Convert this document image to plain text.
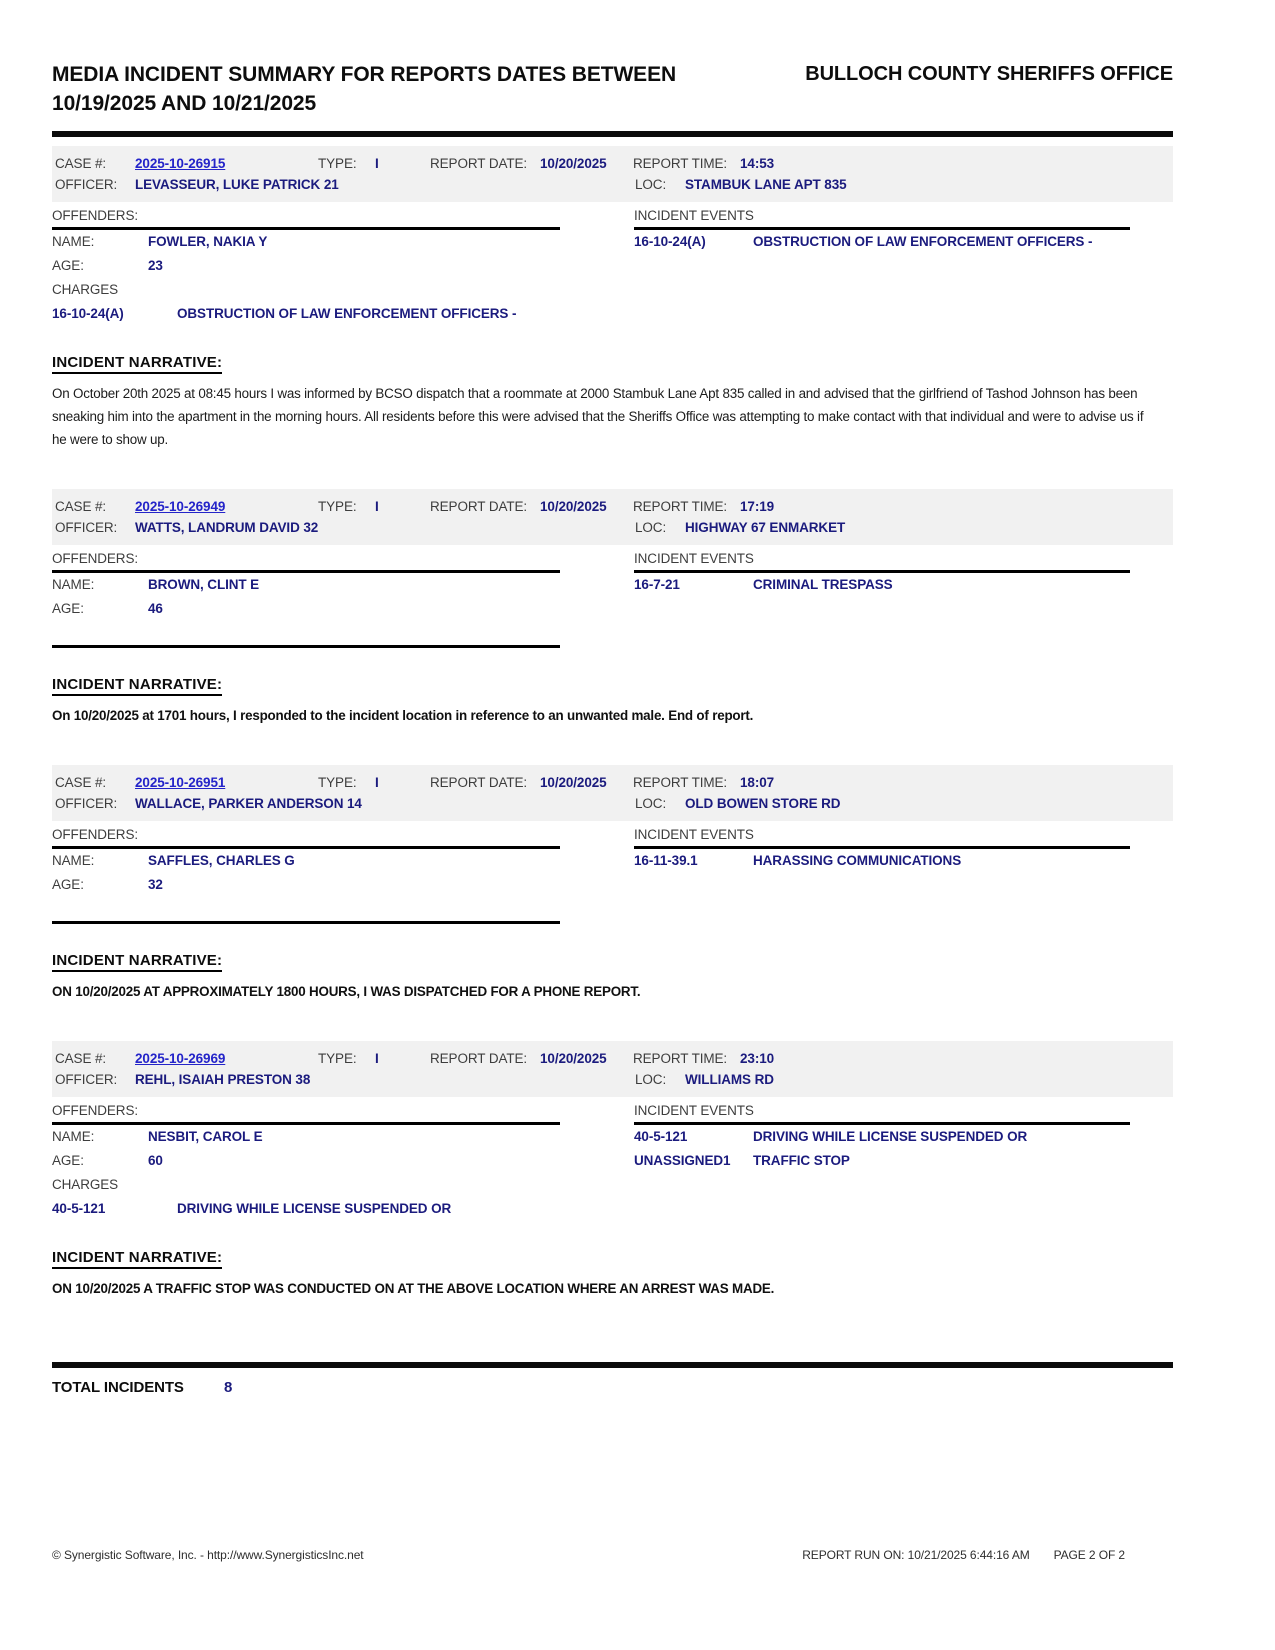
MEDIA INCIDENT SUMMARY FOR REPORTS DATES BETWEEN 10/19/2025 AND 10/21/2025
BULLOCH COUNTY SHERIFFS OFFICE
CASE #:	2025-10-26915	TYPE:	I	REPORT DATE: 10/20/2025	REPORT TIME: 14:53
OFFICER:	LEVASSEUR, LUKE PATRICK 21	LOC:	STAMBUK LANE APT 835
OFFENDERS:
NAME:	FOWLER, NAKIA Y
AGE:	23
CHARGES
16-10-24(A)	OBSTRUCTION OF LAW ENFORCEMENT OFFICERS -
INCIDENT EVENTS
16-10-24(A)	OBSTRUCTION OF LAW ENFORCEMENT OFFICERS -
INCIDENT NARRATIVE:

On October 20th 2025 at 08:45 hours I was informed by BCSO dispatch that a roommate at 2000 Stambuk Lane Apt 835 called in and advised that the girlfriend of Tashod Johnson has been sneaking him into the apartment in the morning hours. All residents before this were advised that the Sheriffs Office was attempting to make contact with that individual and were to advise us if he were to show up.

CASE #:	2025-10-26949	TYPE:	I	REPORT DATE: 10/20/2025	REPORT TIME: 17:19
OFFICER:	WATTS, LANDRUM DAVID 32	LOC:	HIGHWAY 67 ENMARKET
OFFENDERS:
NAME:	BROWN, CLINT E
AGE:	46
INCIDENT EVENTS
16-7-21	CRIMINAL TRESPASS
INCIDENT NARRATIVE:

On 10/20/2025 at 1701 hours, I responded to the incident location in reference to an unwanted male. End of report.

CASE #:	2025-10-26951	TYPE:	I	REPORT DATE: 10/20/2025	REPORT TIME: 18:07
OFFICER:	WALLACE, PARKER ANDERSON 14	LOC:	OLD BOWEN STORE RD
OFFENDERS:
NAME:	SAFFLES, CHARLES G
AGE:	32
INCIDENT EVENTS
16-11-39.1	HARASSING COMMUNICATIONS
INCIDENT NARRATIVE:

ON 10/20/2025 AT APPROXIMATELY 1800 HOURS, I WAS DISPATCHED FOR A PHONE REPORT.

CASE #:	2025-10-26969	TYPE:	I	REPORT DATE: 10/20/2025	REPORT TIME: 23:10
OFFICER:	REHL, ISAIAH PRESTON 38	LOC:	WILLIAMS RD
OFFENDERS:
NAME:	NESBIT, CAROL E
AGE:	60
CHARGES
40-5-121	DRIVING WHILE LICENSE SUSPENDED OR
INCIDENT EVENTS
40-5-121	DRIVING WHILE LICENSE SUSPENDED OR
UNASSIGNED1	TRAFFIC STOP
INCIDENT NARRATIVE:

ON 10/20/2025 A TRAFFIC STOP WAS CONDUCTED ON AT THE ABOVE LOCATION WHERE AN ARREST WAS MADE.

TOTAL INCIDENTS	8
© Synergistic Software, Inc. - http://www.SynergisticsInc.net	REPORT RUN ON: 10/21/2025 6:44:16 AM PAGE 2 OF 2
